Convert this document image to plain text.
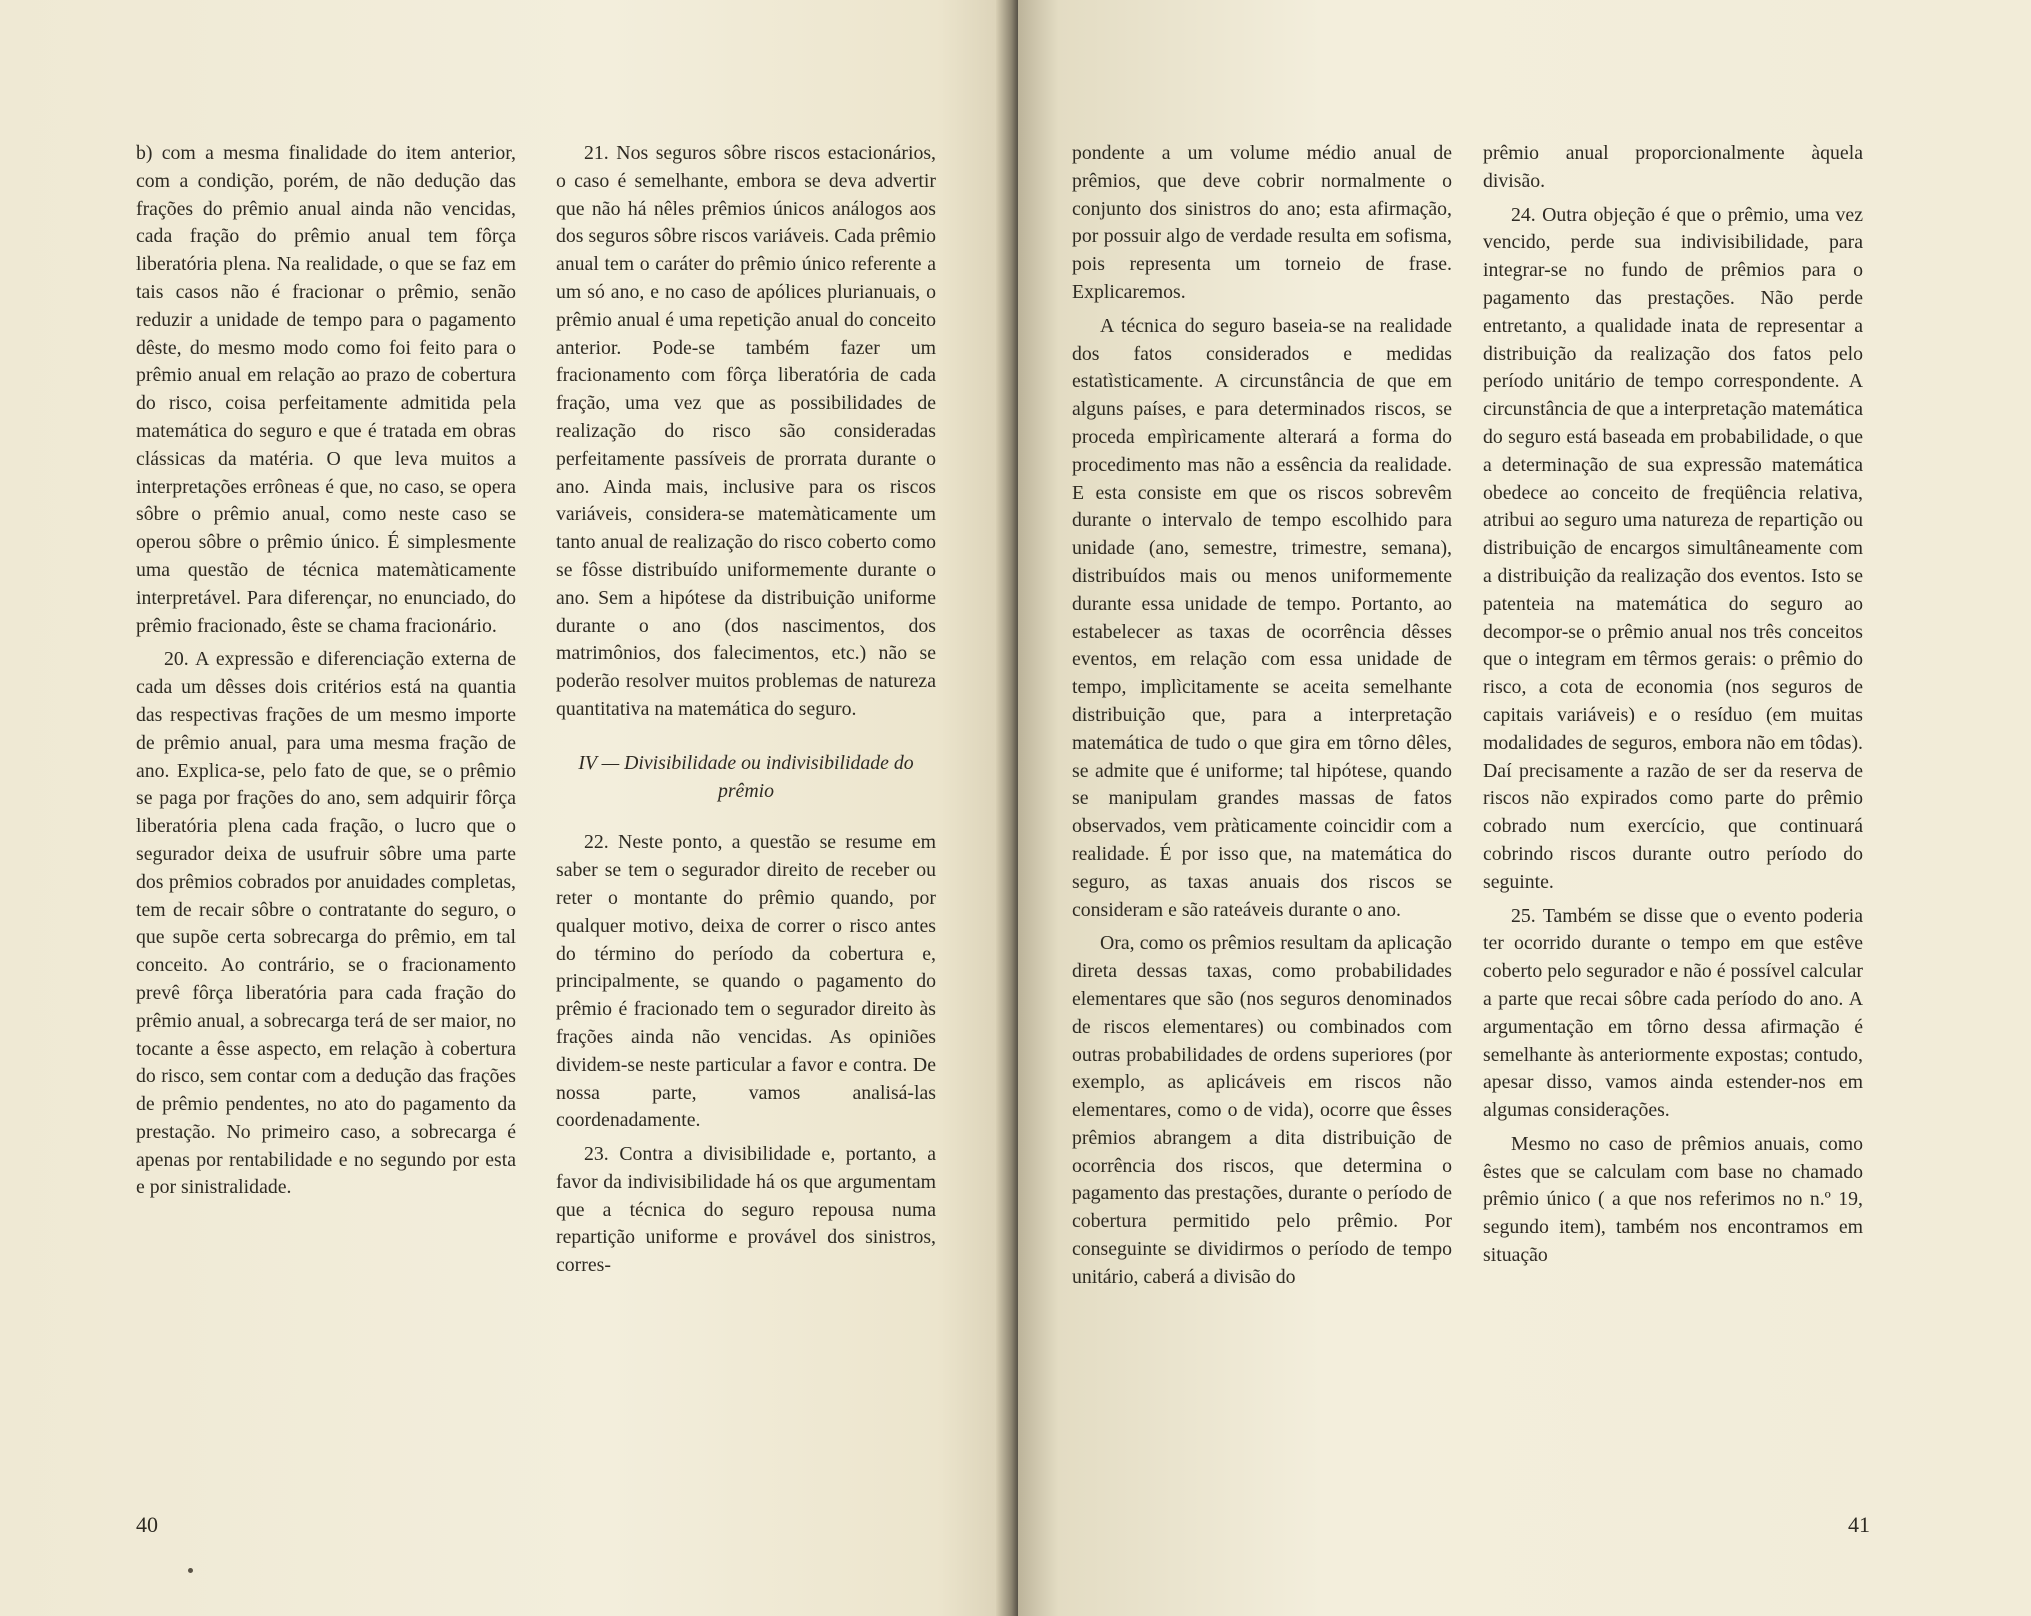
b) com a mesma finalidade do item anterior, com a condição, porém, de não dedução das frações do prêmio anual ainda não vencidas, cada fração do prêmio anual tem fôrça liberatória plena. Na realidade, o que se faz em tais casos não é fracionar o prêmio, senão reduzir a unidade de tempo para o pagamento dêste, do mesmo modo como foi feito para o prêmio anual em relação ao prazo de cobertura do risco, coisa perfeitamente admitida pela matemática do seguro e que é tratada em obras clássicas da matéria. O que leva muitos a interpretações errôneas é que, no caso, se opera sôbre o prêmio anual, como neste caso se operou sôbre o prêmio único. É simplesmente uma questão de técnica matemàticamente interpretável. Para diferençar, no enunciado, do prêmio fracionado, êste se chama fracionário.

20. A expressão e diferenciação externa de cada um dêsses dois critérios está na quantia das respectivas frações de um mesmo importe de prêmio anual, para uma mesma fração de ano. Explica-se, pelo fato de que, se o prêmio se paga por frações do ano, sem adquirir fôrça liberatória plena cada fração, o lucro que o segurador deixa de usufruir sôbre uma parte dos prêmios cobrados por anuidades completas, tem de recair sôbre o contratante do seguro, o que supõe certa sobrecarga do prêmio, em tal conceito. Ao contrário, se o fracionamento prevê fôrça liberatória para cada fração do prêmio anual, a sobrecarga terá de ser maior, no tocante a êsse aspecto, em relação à cobertura do risco, sem contar com a dedução das frações de prêmio pendentes, no ato do pagamento da prestação. No primeiro caso, a sobrecarga é apenas por rentabilidade e no segundo por esta e por sinistralidade.

21. Nos seguros sôbre riscos estacionários, o caso é semelhante, embora se deva advertir que não há nêles prêmios únicos análogos aos dos seguros sôbre riscos variáveis. Cada prêmio anual tem o caráter do prêmio único referente a um só ano, e no caso de apólices plurianuais, o prêmio anual é uma repetição anual do conceito anterior. Pode-se também fazer um fracionamento com fôrça liberatória de cada fração, uma vez que as possibilidades de realização do risco são consideradas perfeitamente passíveis de prorrata durante o ano. Ainda mais, inclusive para os riscos variáveis, considera-se matemàticamente um tanto anual de realização do risco coberto como se fôsse distribuído uniformemente durante o ano. Sem a hipótese da distribuição uniforme durante o ano (dos nascimentos, dos matrimônios, dos falecimentos, etc.) não se poderão resolver muitos problemas de natureza quantitativa na matemática do seguro.

IV — Divisibilidade ou indivisibilidade do prêmio

22. Neste ponto, a questão se resume em saber se tem o segurador direito de receber ou reter o montante do prêmio quando, por qualquer motivo, deixa de correr o risco antes do término do período da cobertura e, principalmente, se quando o pagamento do prêmio é fracionado tem o segurador direito às frações ainda não vencidas. As opiniões dividem-se neste particular a favor e contra. De nossa parte, vamos analisá-las coordenadamente.

23. Contra a divisibilidade e, portanto, a favor da indivisibilidade há os que argumentam que a técnica do seguro repousa numa repartição uniforme e provável dos sinistros, corres-

40

pondente a um volume médio anual de prêmios, que deve cobrir normalmente o conjunto dos sinistros do ano; esta afirmação, por possuir algo de verdade resulta em sofisma, pois representa um torneio de frase. Explicaremos.

A técnica do seguro baseia-se na realidade dos fatos considerados e medidas estatìsticamente. A circunstância de que em alguns países, e para determinados riscos, se proceda empìricamente alterará a forma do procedimento mas não a essência da realidade. E esta consiste em que os riscos sobrevêm durante o intervalo de tempo escolhido para unidade (ano, semestre, trimestre, semana), distribuídos mais ou menos uniformemente durante essa unidade de tempo. Portanto, ao estabelecer as taxas de ocorrência dêsses eventos, em relação com essa unidade de tempo, implìcitamente se aceita semelhante distribuição que, para a interpretação matemática de tudo o que gira em tôrno dêles, se admite que é uniforme; tal hipótese, quando se manipulam grandes massas de fatos observados, vem pràticamente coincidir com a realidade. É por isso que, na matemática do seguro, as taxas anuais dos riscos se consideram e são rateáveis durante o ano.

Ora, como os prêmios resultam da aplicação direta dessas taxas, como probabilidades elementares que são (nos seguros denominados de riscos elementares) ou combinados com outras probabilidades de ordens superiores (por exemplo, as aplicáveis em riscos não elementares, como o de vida), ocorre que êsses prêmios abrangem a dita distribuição de ocorrência dos riscos, que determina o pagamento das prestações, durante o período de cobertura permitido pelo prêmio. Por conseguinte se dividirmos o período de tempo unitário, caberá a divisão do

prêmio anual proporcionalmente àquela divisão.

24. Outra objeção é que o prêmio, uma vez vencido, perde sua indivisibilidade, para integrar-se no fundo de prêmios para o pagamento das prestações. Não perde entretanto, a qualidade inata de representar a distribuição da realização dos fatos pelo período unitário de tempo correspondente. A circunstância de que a interpretação matemática do seguro está baseada em probabilidade, o que a determinação de sua expressão matemática obedece ao conceito de freqüência relativa, atribui ao seguro uma natureza de repartição ou distribuição de encargos simultâneamente com a distribuição da realização dos eventos. Isto se patenteia na matemática do seguro ao decompor-se o prêmio anual nos três conceitos que o integram em têrmos gerais: o prêmio do risco, a cota de economia (nos seguros de capitais variáveis) e o resíduo (em muitas modalidades de seguros, embora não em tôdas). Daí precisamente a razão de ser da reserva de riscos não expirados como parte do prêmio cobrado num exercício, que continuará cobrindo riscos durante outro período do seguinte.

25. Também se disse que o evento poderia ter ocorrido durante o tempo em que estêve coberto pelo segurador e não é possível calcular a parte que recai sôbre cada período do ano. A argumentação em tôrno dessa afirmação é semelhante às anteriormente expostas; contudo, apesar disso, vamos ainda estender-nos em algumas considerações.

Mesmo no caso de prêmios anuais, como êstes que se calculam com base no chamado prêmio único ( a que nos referimos no n.º 19, segundo item), também nos encontramos em situação

41
